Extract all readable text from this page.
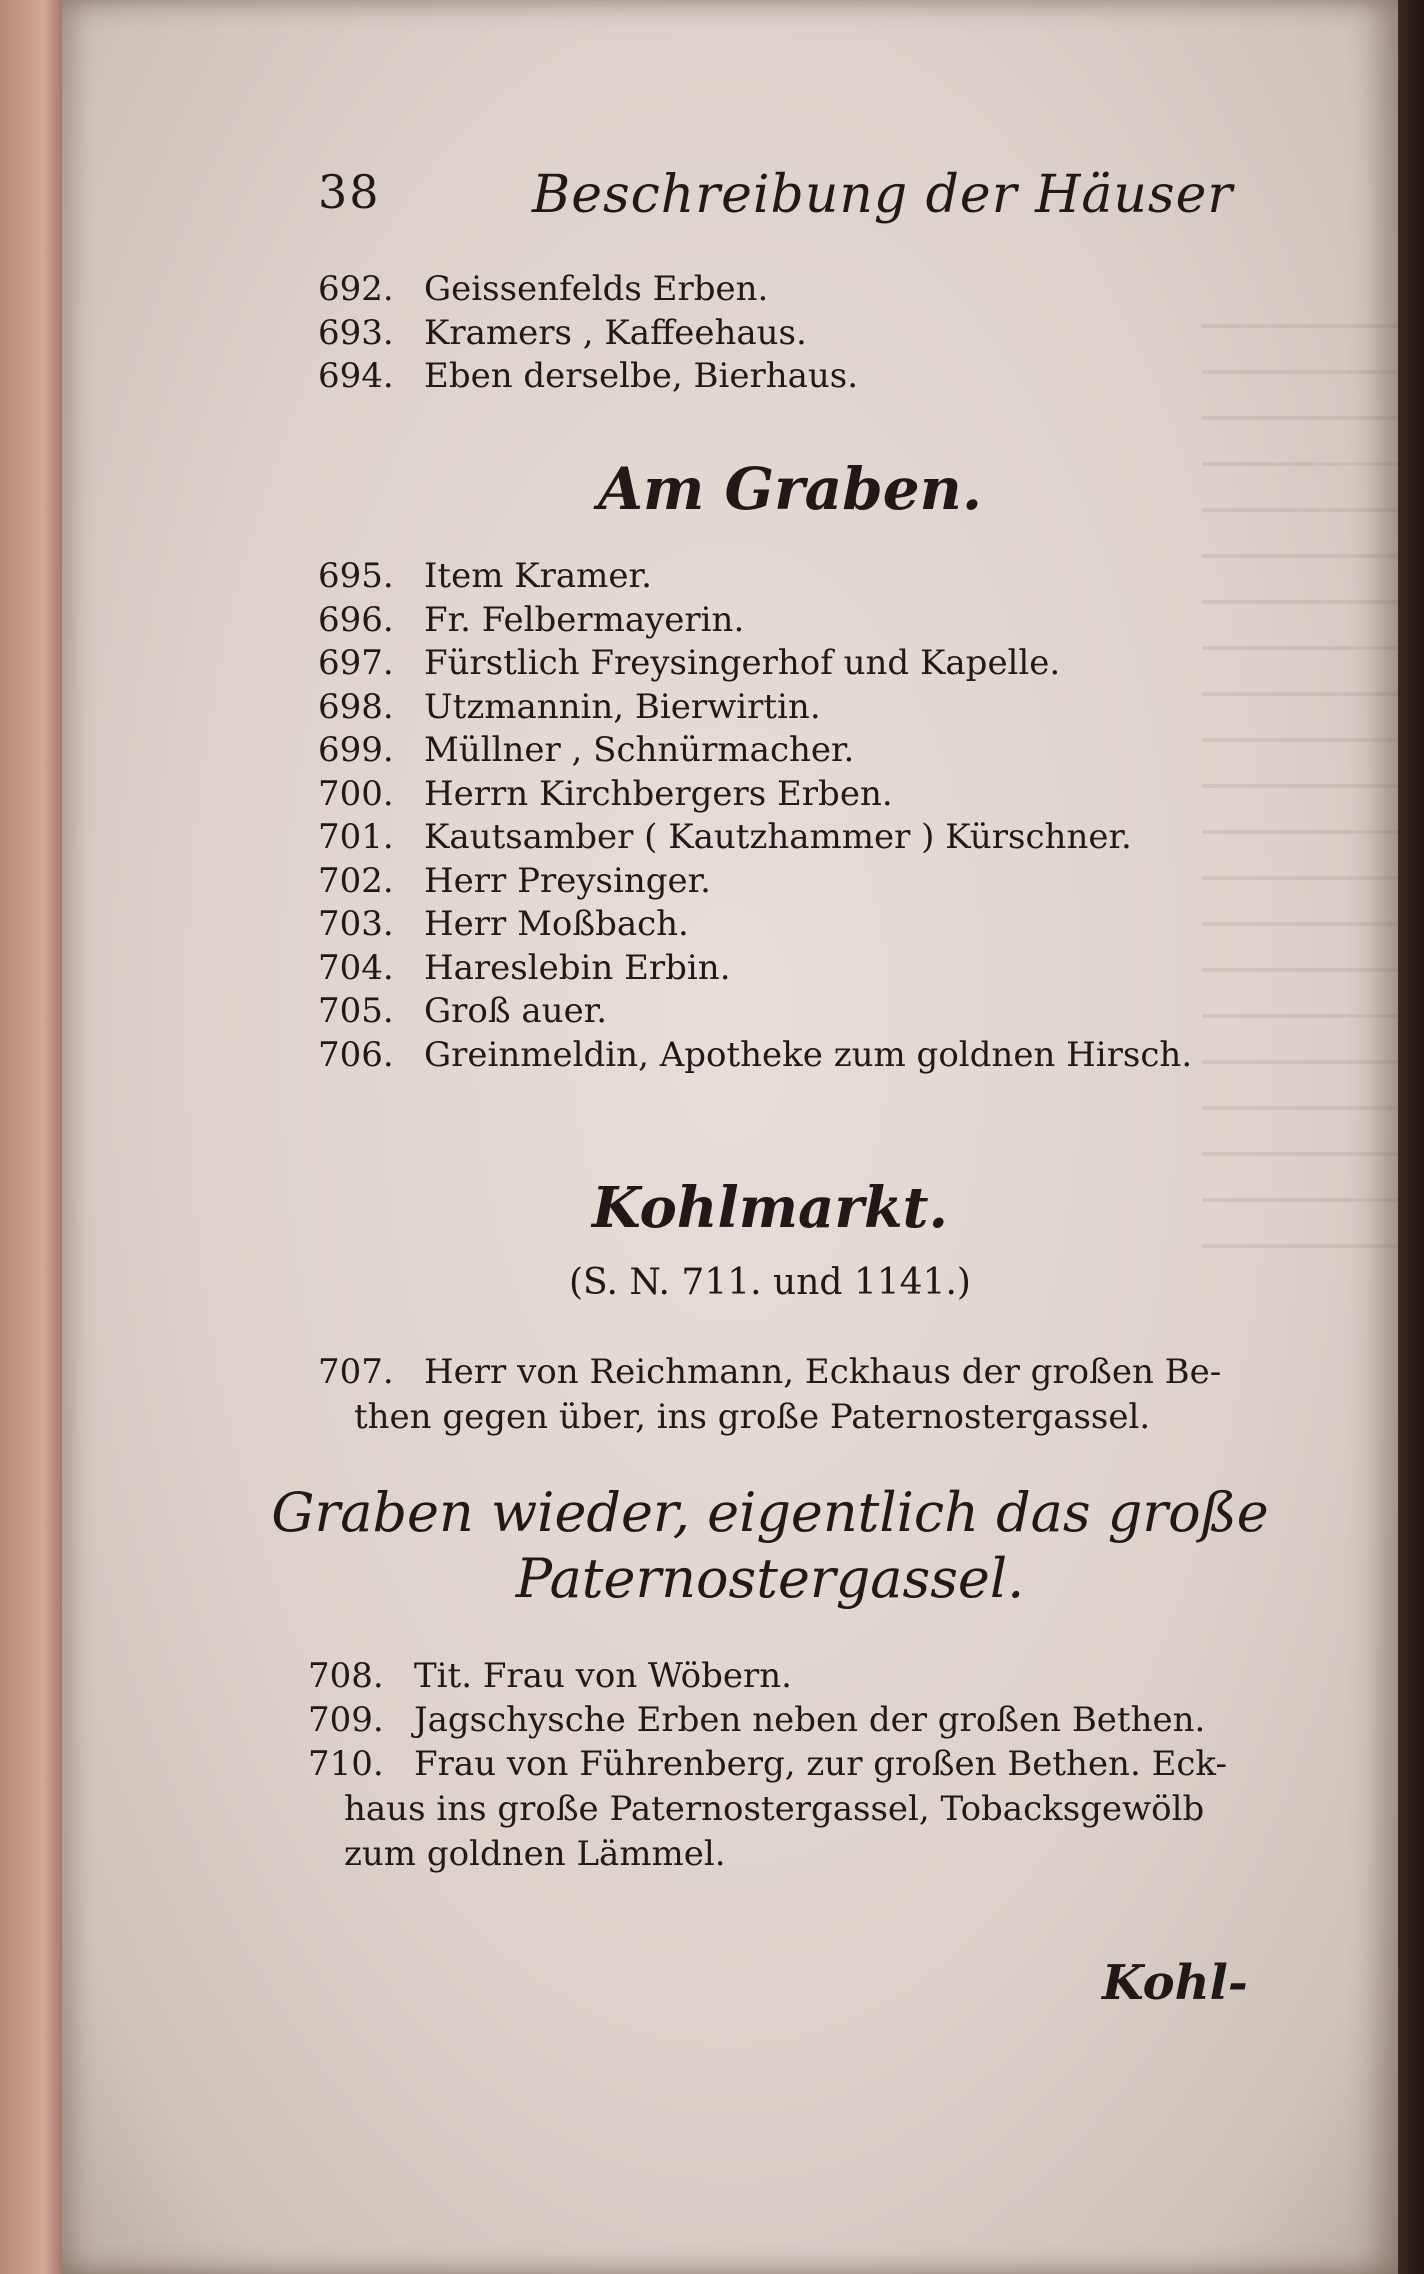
38	Beschreibung der Häuser
692. Geissenfelds Erben.
693. Kramers , Kaffeehaus.
694. Eben derselbe, Bierhaus.
Am Graben.
695. Item Kramer.
696. Fr. Felbermayerin.
697. Fürstlich Freysingerhof und Kapelle.
698. Utzmannin, Bierwirtin.
699. Müllner , Schnürmacher.
700. Herrn Kirchbergers Erben.
701. Kautsamber ( Kautzhammer ) Kürschner.
702. Herr Preysinger.
703. Herr Moßbach.
704. Hareslebin Erbin.
705. Groß auer.
706. Greinmeldin, Apotheke zum goldnen Hirsch.
Kohlmarkt.
(S. N. 711. und 1141.)
707. Herr von Reichmann, Eckhaus der großen Be-
then gegen über, ins große Paternostergassel.
Graben wieder, eigentlich das große
Paternostergassel.
708. Tit. Frau von Wöbern.
709. Jagschysche Erben neben der großen Bethen.
710. Frau von Führenberg, zur großen Bethen. Eck-
haus ins große Paternostergassel, Tobacksgewölb
zum goldnen Lämmel.
Kohl-
